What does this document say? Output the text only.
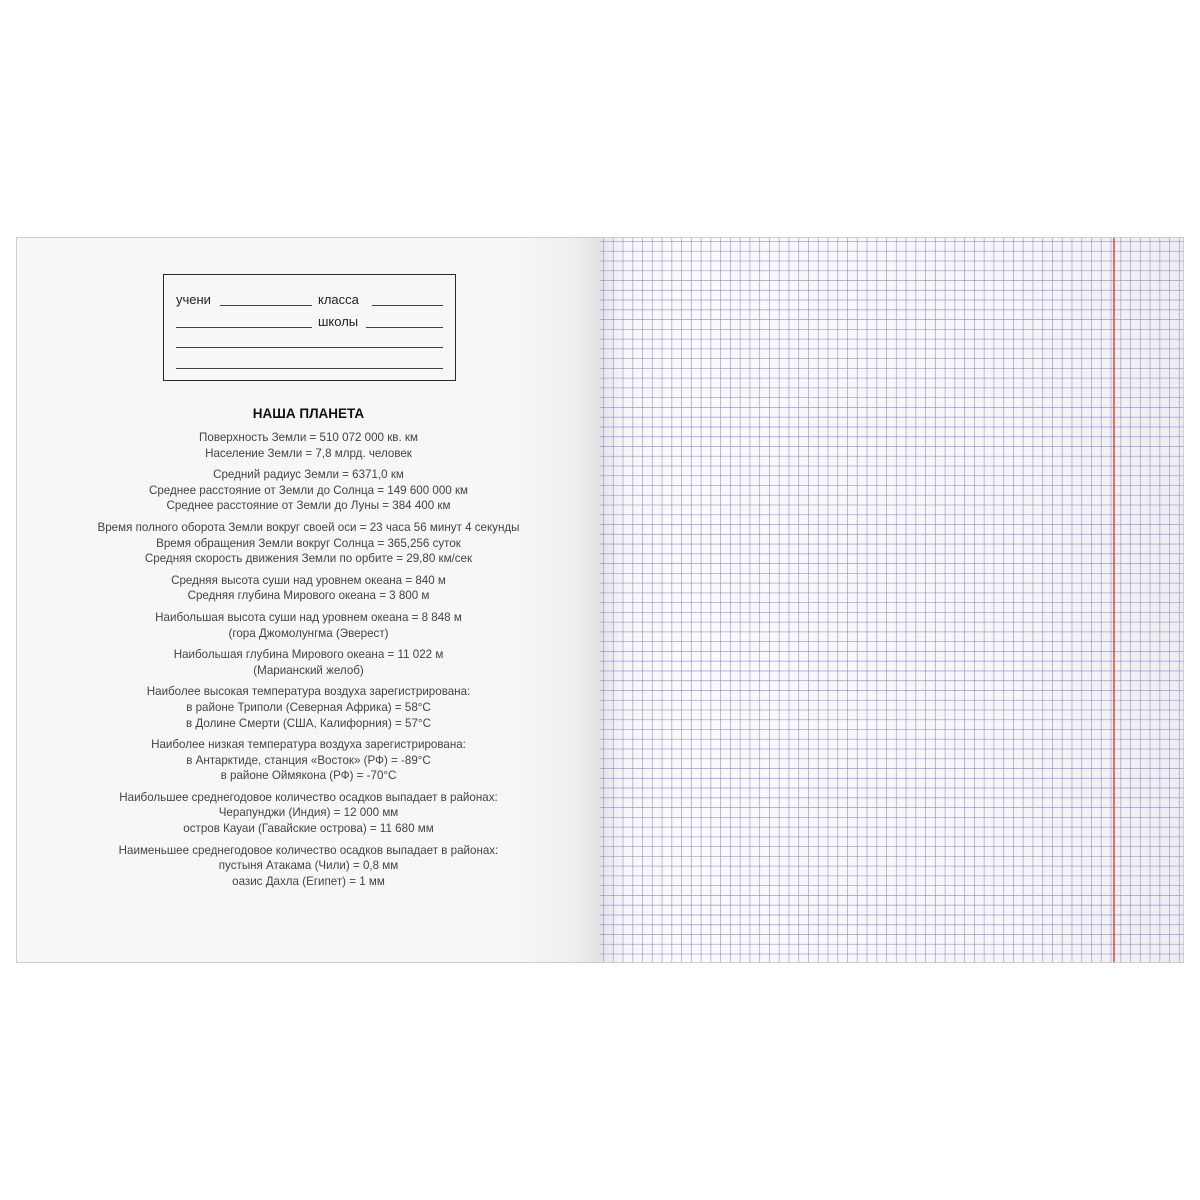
учени	класса
школы
НАША ПЛАНЕТА
Поверхность Земли = 510 072 000 кв. км
Население Земли = 7,8 млрд. человек
Средний радиус Земли = 6371,0 км
Среднее расстояние от Земли до Солнца = 149 600 000 км
Среднее расстояние от Земли до Луны = 384 400 км
Время полного оборота Земли вокруг своей оси = 23 часа 56 минут 4 секунды
Время обращения Земли вокруг Солнца = 365,256 суток
Средняя скорость движения Земли по орбите = 29,80 км/сек
Средняя высота суши над уровнем океана = 840 м
Средняя глубина Мирового океана = 3 800 м
Наибольшая высота суши над уровнем океана = 8 848 м
(гора Джомолунгма (Эверест)
Наибольшая глубина Мирового океана = 11 022 м
(Марианский желоб)
Наиболее высокая температура воздуха зарегистрирована:
в районе Триполи (Северная Африка) = 58°С
в Долине Смерти (США, Калифорния) = 57°С
Наиболее низкая температура воздуха зарегистрирована:
в Антарктиде, станция «Восток» (РФ) = -89°С
в районе Оймякона (РФ) = -70°С
Наибольшее среднегодовое количество осадков выпадает в районах:
Черапунджи (Индия) = 12 000 мм
остров Кауаи (Гавайские острова) = 11 680 мм
Наименьшее среднегодовое количество осадков выпадает в районах:
пустыня Атакама (Чили) = 0,8 мм
оазис Дахла (Египет) = 1 мм
